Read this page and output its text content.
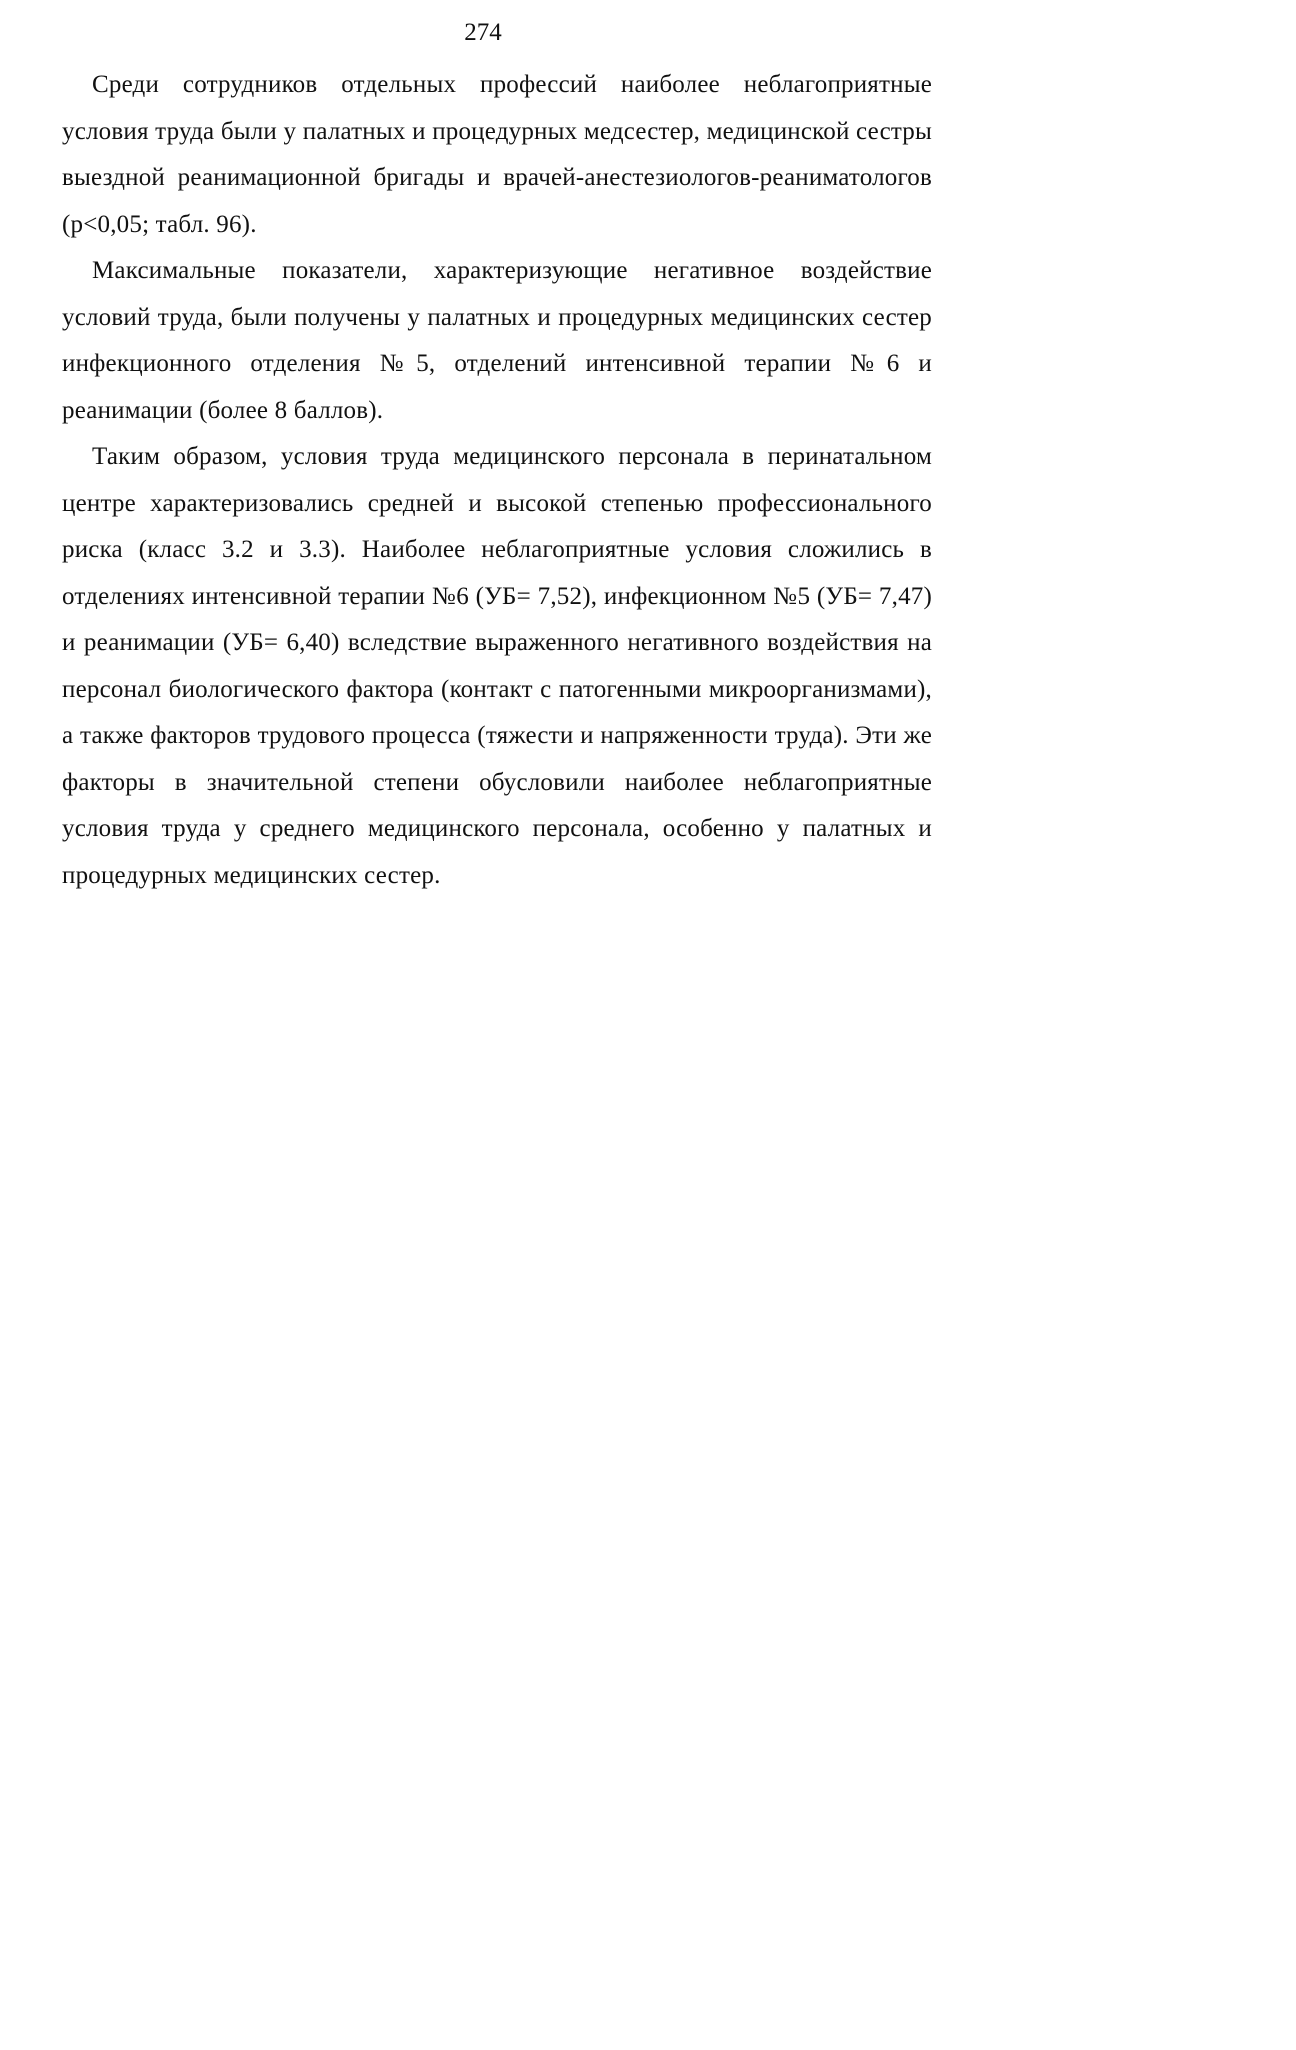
274

Среди сотрудников отдельных профессий наиболее неблагоприятные условия труда были у палатных и процедурных медсестер, медицинской сестры выездной реанимационной бригады и врачей-анестезиологов-реаниматологов (р<0,05; табл. 96).

Максимальные показатели, характеризующие негативное воздействие условий труда, были получены у палатных и процедурных медицинских сестер инфекционного отделения №5, отделений интенсивной терапии №6 и реанимации (более 8 баллов).

Таким образом, условия труда медицинского персонала в перинатальном центре характеризовались средней и высокой степенью профессионального риска (класс 3.2 и 3.3). Наиболее неблагоприятные условия сложились в отделениях интенсивной терапии №6 (УБ= 7,52), инфекционном №5 (УБ= 7,47) и реанимации (УБ= 6,40) вследствие выраженного негативного воздействия на персонал биологического фактора (контакт с патогенными микроорганизмами), а также факторов трудового процесса (тяжести и напряженности труда). Эти же факторы в значительной степени обусловили наиболее неблагоприятные условия труда у среднего медицинского персонала, особенно у палатных и процедурных медицинских сестер.
